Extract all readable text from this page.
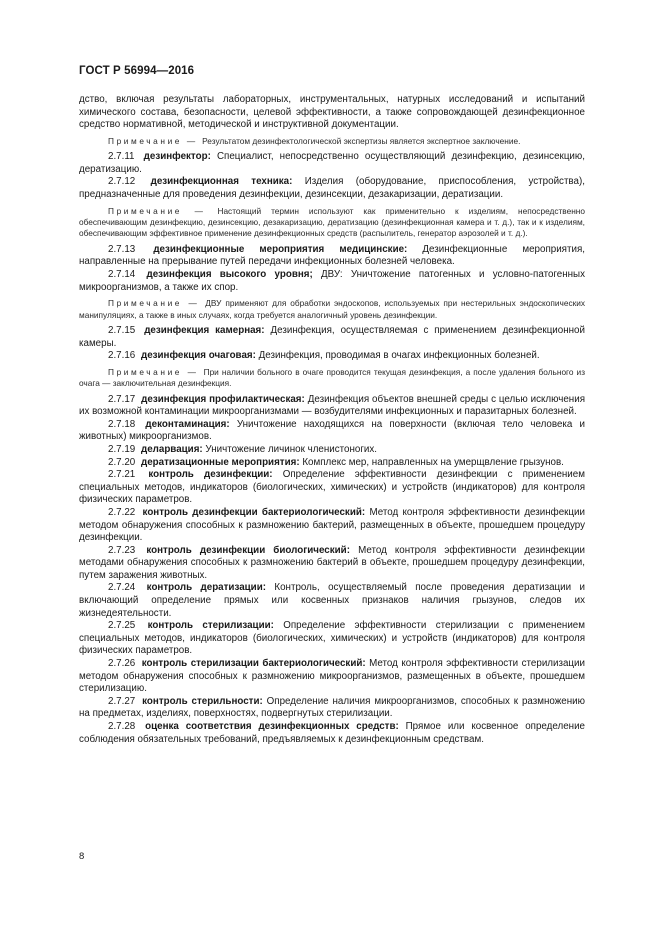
ГОСТ Р 56994—2016

дство, включая результаты лабораторных, инструментальных, натурных исследований и испытаний химического состава, безопасности, целевой эффективности, а также сопровождающей дезинфекционное средство нормативной, методической и инструктивной документации.

Примечание — Результатом дезинфектологической экспертизы является экспертное заключение.

2.7.11 дезинфектор: Специалист, непосредственно осуществляющий дезинфекцию, дезинсекцию, дератизацию.

2.7.12 дезинфекционная техника: Изделия (оборудование, приспособления, устройства), предназначенные для проведения дезинфекции, дезинсекции, дезакаризации, дератизации.

Примечание — Настоящий термин используют как применительно к изделиям, непосредственно обеспечивающим дезинфекцию, дезинсекцию, дезакаризацию, дератизацию (дезинфекционная камера и т. д.), так и к изделиям, обеспечивающим эффективное применение дезинфекционных средств (распылитель, генератор аэрозолей и т. д.).

2.7.13 дезинфекционные мероприятия медицинские: Дезинфекционные мероприятия, направленные на прерывание путей передачи инфекционных болезней человека.

2.7.14 дезинфекция высокого уровня; ДВУ: Уничтожение патогенных и условно-патогенных микроорганизмов, а также их спор.

Примечание — ДВУ применяют для обработки эндоскопов, используемых при нестерильных эндоскопических манипуляциях, а также в иных случаях, когда требуется аналогичный уровень дезинфекции.

2.7.15 дезинфекция камерная: Дезинфекция, осуществляемая с применением дезинфекционной камеры.

2.7.16 дезинфекция очаговая: Дезинфекция, проводимая в очагах инфекционных болезней.

Примечание — При наличии больного в очаге проводится текущая дезинфекция, а после удаления больного из очага — заключительная дезинфекция.

2.7.17 дезинфекция профилактическая: Дезинфекция объектов внешней среды с целью исключения их возможной контаминации микроорганизмами — возбудителями инфекционных и паразитарных болезней.

2.7.18 деконтаминация: Уничтожение находящихся на поверхности (включая тело человека и животных) микроорганизмов.

2.7.19 деларвация: Уничтожение личинок членистоногих.

2.7.20 дератизационные мероприятия: Комплекс мер, направленных на умерщвление грызунов.

2.7.21 контроль дезинфекции: Определение эффективности дезинфекции с применением специальных методов, индикаторов (биологических, химических) и устройств (индикаторов) для контроля физических параметров.

2.7.22 контроль дезинфекции бактериологический: Метод контроля эффективности дезинфекции методом обнаружения способных к размножению бактерий, размещенных в объекте, прошедшем процедуру дезинфекции.

2.7.23 контроль дезинфекции биологический: Метод контроля эффективности дезинфекции методами обнаружения способных к размножению бактерий в объекте, прошедшем процедуру дезинфекции, путем заражения животных.

2.7.24 контроль дератизации: Контроль, осуществляемый после проведения дератизации и включающий определение прямых или косвенных признаков наличия грызунов, следов их жизнедеятельности.

2.7.25 контроль стерилизации: Определение эффективности стерилизации с применением специальных методов, индикаторов (биологических, химических) и устройств (индикаторов) для контроля физических параметров.

2.7.26 контроль стерилизации бактериологический: Метод контроля эффективности стерилизации методом обнаружения способных к размножению микроорганизмов, размещенных в объекте, прошедшем стерилизацию.

2.7.27 контроль стерильности: Определение наличия микроорганизмов, способных к размножению на предметах, изделиях, поверхностях, подвергнутых стерилизации.

2.7.28 оценка соответствия дезинфекционных средств: Прямое или косвенное определение соблюдения обязательных требований, предъявляемых к дезинфекционным средствам.

8
